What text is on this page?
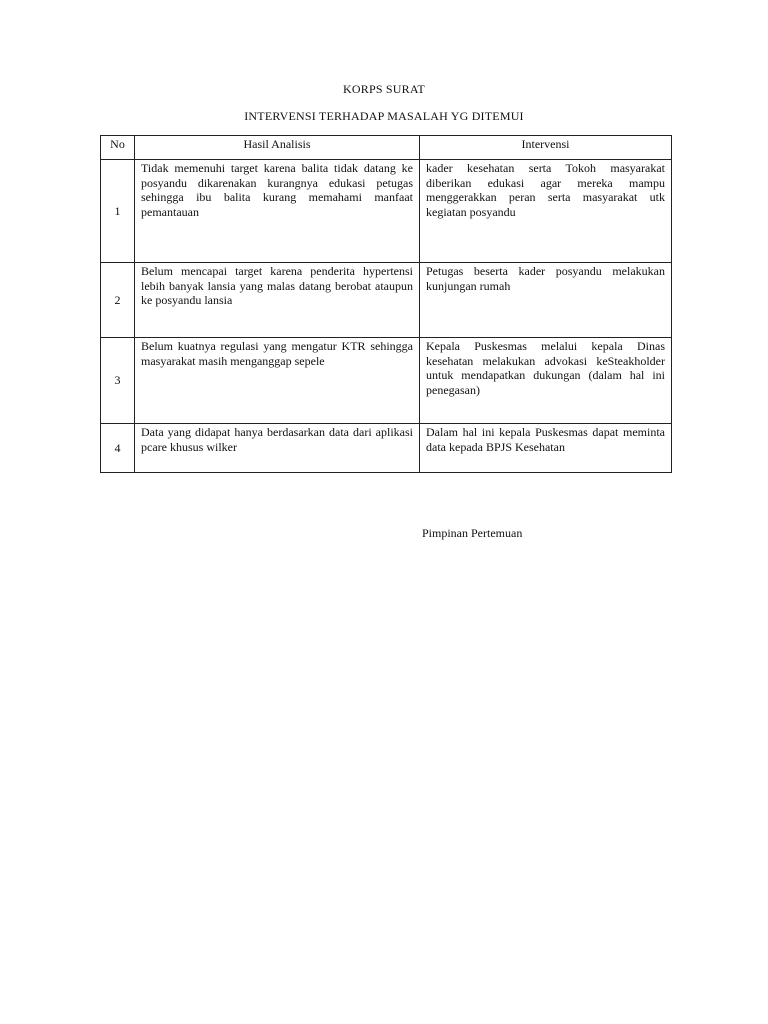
KORPS SURAT
INTERVENSI TERHADAP MASALAH YG DITEMUI
No	Hasil Analisis	Intervensi
1	Tidak memenuhi target karena balita tidak datang ke posyandu dikarenakan kurangnya edukasi petugas sehingga ibu balita kurang memahami manfaat pemantauan	kader kesehatan serta Tokoh masyarakat diberikan edukasi agar mereka mampu menggerakkan peran serta masyarakat utk kegiatan posyandu
2	Belum mencapai target karena penderita hypertensi lebih banyak lansia yang malas datang berobat ataupun ke posyandu lansia	Petugas beserta kader posyandu melakukan kunjungan rumah
3	Belum kuatnya regulasi yang mengatur KTR sehingga masyarakat masih menganggap sepele	Kepala Puskesmas melalui kepala Dinas kesehatan melakukan advokasi keSteakholder untuk mendapatkan dukungan (dalam hal ini penegasan)
4	Data yang didapat hanya berdasarkan data dari aplikasi pcare khusus wilker	Dalam hal ini kepala Puskesmas dapat meminta data kepada BPJS Kesehatan
Pimpinan Pertemuan
